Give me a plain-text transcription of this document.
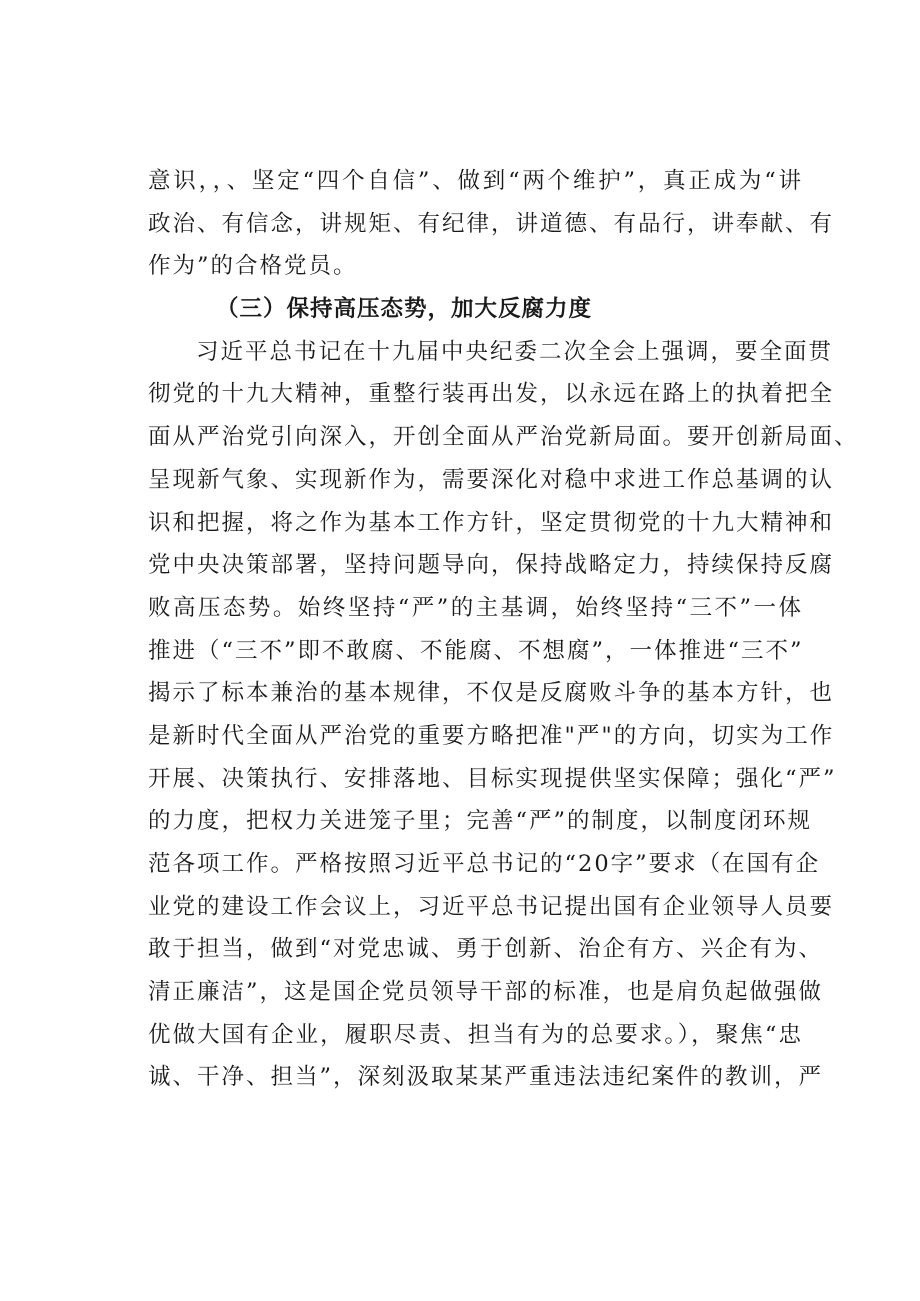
意识，，、坚定“四个自信”、做到“两个维护”，真正成为“讲
政治、有信念，讲规矩、有纪律，讲道德、有品行，讲奉献、有
作为”的合格党员。
（三）保持高压态势，加大反腐力度
习近平总书记在十九届中央纪委二次全会上强调，要全面贯
彻党的十九大精神，重整行装再出发，以永远在路上的执着把全
面从严治党引向深入，开创全面从严治党新局面。要开创新局面、
呈现新气象、实现新作为，需要深化对稳中求进工作总基调的认
识和把握，将之作为基本工作方针，坚定贯彻党的十九大精神和
党中央决策部署，坚持问题导向，保持战略定力，持续保持反腐
败高压态势。始终坚持“严”的主基调，始终坚持“三不”一体
推进（“三不”即不敢腐、不能腐、不想腐”，一体推进“三不”
揭示了标本兼治的基本规律，不仅是反腐败斗争的基本方针，也
是新时代全面从严治党的重要方略把准"严"的方向，切实为工作
开展、决策执行、安排落地、目标实现提供坚实保障；强化“严”
的力度，把权力关进笼子里；完善“严”的制度，以制度闭环规
范各项工作。严格按照习近平总书记的“20字”要求（在国有企
业党的建设工作会议上，习近平总书记提出国有企业领导人员要
敢于担当，做到“对党忠诚、勇于创新、治企有方、兴企有为、
清正廉洁”，这是国企党员领导干部的标准，也是肩负起做强做
优做大国有企业，履职尽责、担当有为的总要求。），聚焦“忠
诚、干净、担当”，深刻汲取某某严重违法违纪案件的教训，严
